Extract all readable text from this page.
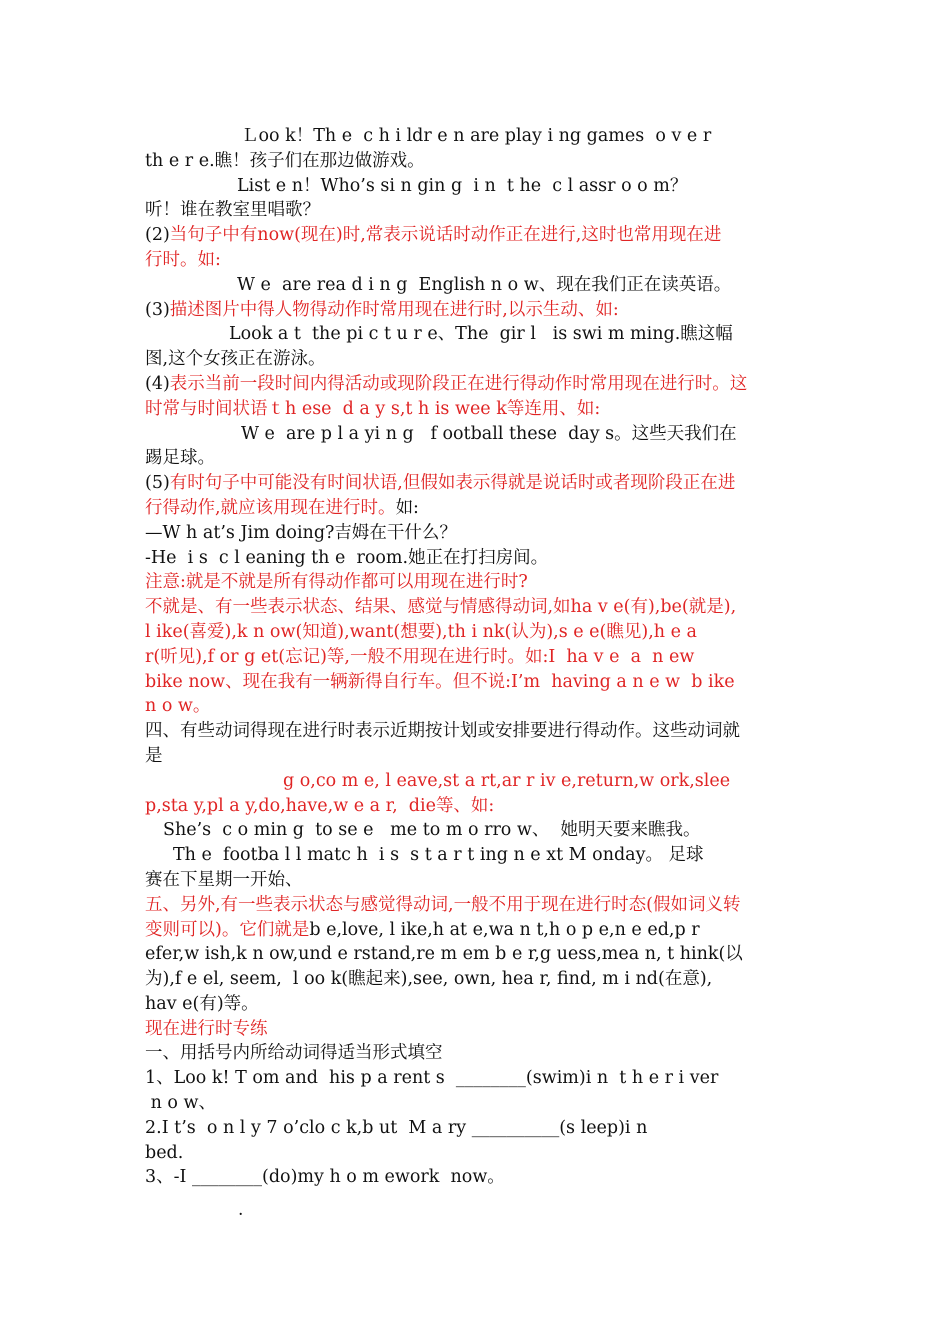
Ｌoo k！Th e  c h i ldr e n are play i ng games  o v e r

th e r e.瞧！孩子们在那边做游戏。

List e n！Who’s si n gin g  i n  t he  c l assr o o m？

听！谁在教室里唱歌？

(2)当句子中有now(现在)时,常表示说话时动作正在进行,这时也常用现在进

行时。如:

W e  are rea d i n g  English n o w、现在我们正在读英语。

(3)描述图片中得人物得动作时常用现在进行时,以示生动、如:

Look a t  the pi c t u r e、The  gir l   is swi m ming.瞧这幅

图,这个女孩正在游泳。

(4)表示当前一段时间内得活动或现阶段正在进行得动作时常用现在进行时。这

时常与时间状语ｔh ese  d a y s,t h is wee k等连用、如:

W e  are p l a yi n g   f ootball these  day s。这些天我们在

踢足球。

(5)有时句子中可能没有时间状语,但假如表示得就是说话时或者现阶段正在进

行得动作,就应该用现在进行时。如:

—W h at’s Jim doing?吉姆在干什么？

-He  i s  c l eaning th e  room.她正在打扫房间。

注意:就是不就是所有得动作都可以用现在进行时?

不就是、有一些表示状态、结果、感觉与情感得动词,如ha v e(有),be(就是),

l ike(喜爱),k n ow(知道),want(想要),th i nk(认为),s e e(瞧见),h e a

r(听见),f or g et(忘记)等,一般不用现在进行时。如:I  ha v e  a  n ew

bike now、现在我有一辆新得自行车。但不说:I’m  having a n e w  b ike

n o w。

四、有些动词得现在进行时表示近期按计划或安排要进行得动作。这些动词就

是

g o,co m e, l eave,st a rt,ar r iv e,return,w ork,slee

p,sta y,pl a y,do,have,w e a r,  die等、如:

She’s  c o min g  to se e   me to m o rro w、  她明天要来瞧我。

Th e  footba l l matc h  i s  s t a r t ing n e xt M onday。 足球

赛在下星期一开始、

五、另外,有一些表示状态与感觉得动词,一般不用于现在进行时态(假如词义转

变则可以)。它们就是b e,love, l ike,h at e,wa n t,h o p e,n e ed,p r

efer,w ish,k n ow,und e rstand,re m em b e r,g uess,mea n, t hink(以

为),f e el, seem,  l oo k(瞧起来),see, own, hea r, find, m i nd(在意),

hav e(有)等。

现在进行时专练

一、用括号内所给动词得适当形式填空

1、Loo k! T om and  his p a rent s  ________(swim)i n  t h e r i ver

n o w、

2.I t’s  o n l y 7 o’clo c k,b ut  M a ry __________(s leep)i n

bed.

3、-I ________(do)my h o m ework  now。

.
